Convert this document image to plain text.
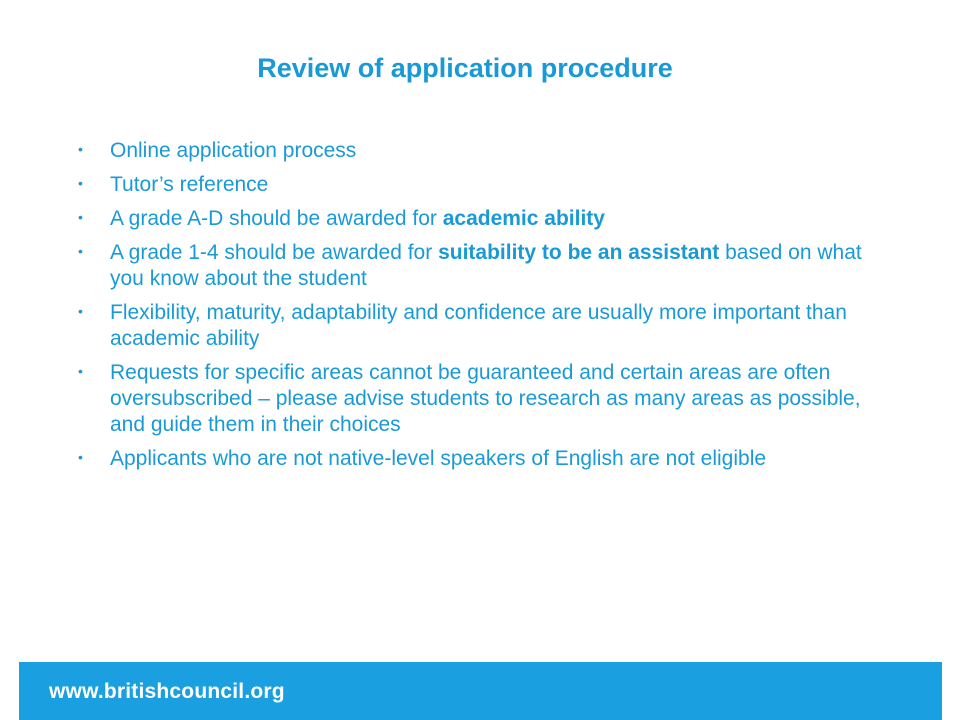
Review of application procedure
• Online application process
• Tutor’s reference
• A grade A-D should be awarded for academic ability
• A grade 1-4 should be awarded for suitability to be an assistant based on what you know about the student
• Flexibility, maturity, adaptability and confidence are usually more important than academic ability
• Requests for specific areas cannot be guaranteed and certain areas are often oversubscribed – please advise students to research as many areas as possible, and guide them in their choices
• Applicants who are not native-level speakers of English are not eligible
www.britishcouncil.org
